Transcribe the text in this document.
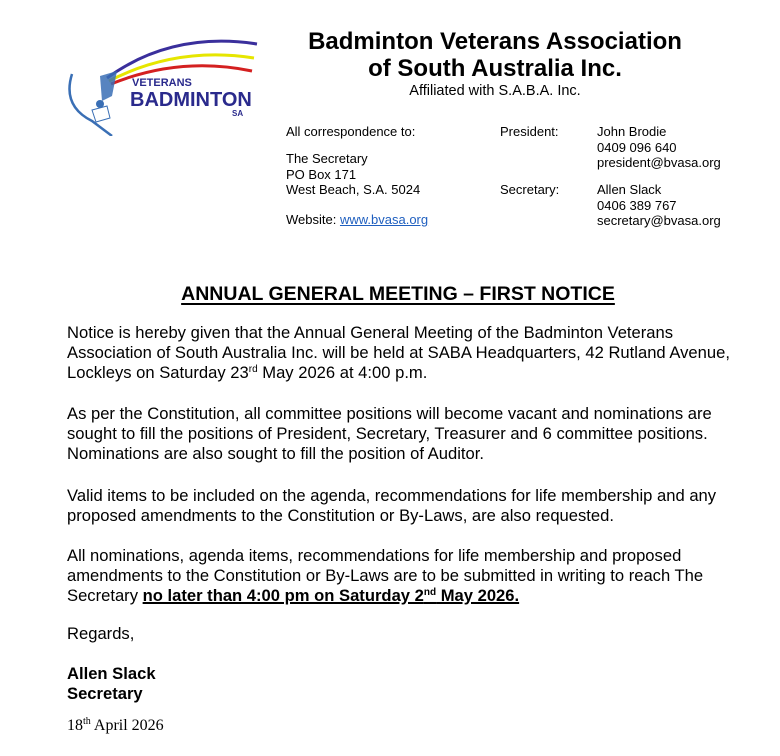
VETERANS
BADMINTON
SA
Badminton Veterans Association
of South Australia Inc.
Affiliated with S.A.B.A. Inc.
All correspondence to:
The Secretary
PO Box 171
West Beach, S.A. 5024
Website: www.bvasa.org
President:	John Brodie
0409 096 640
president@bvasa.org
Secretary:	Allen Slack
0406 389 767
secretary@bvasa.org
ANNUAL GENERAL MEETING – FIRST NOTICE
Notice is hereby given that the Annual General Meeting of the Badminton Veterans Association of South Australia Inc. will be held at SABA Headquarters, 42 Rutland Avenue, Lockleys on Saturday 23rd May 2026 at 4:00 p.m.
As per the Constitution, all committee positions will become vacant and nominations are sought to fill the positions of President, Secretary, Treasurer and 6 committee positions. Nominations are also sought to fill the position of Auditor.
Valid items to be included on the agenda, recommendations for life membership and any proposed amendments to the Constitution or By-Laws, are also requested.
All nominations, agenda items, recommendations for life membership and proposed amendments to the Constitution or By-Laws are to be submitted in writing to reach The Secretary no later than 4:00 pm on Saturday 2nd May 2026.
Regards,
Allen Slack
Secretary
18th April 2026
